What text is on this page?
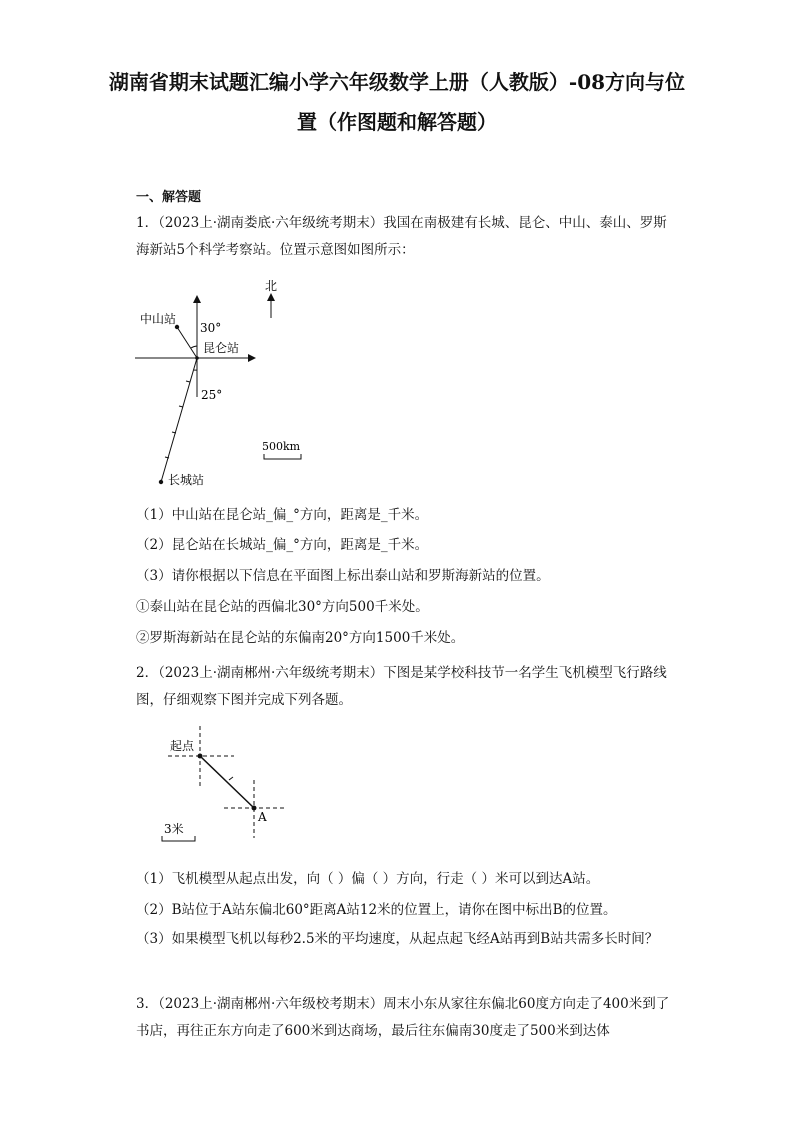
湖南省期末试题汇编小学六年级数学上册（人教版）-08方向与位置（作图题和解答题）
一、解答题
1．（2023上·湖南娄底·六年级统考期末）我国在南极建有长城、昆仑、中山、泰山、罗斯海新站5个科学考察站。位置示意图如图所示：
中山站
30°
昆仑站
25°
长城站
北
500km
（1）中山站在昆仑站_偏_°方向，距离是_千米。
（2）昆仑站在长城站_偏_°方向，距离是_千米。
（3）请你根据以下信息在平面图上标出泰山站和罗斯海新站的位置。
①泰山站在昆仑站的西偏北30°方向500千米处。
②罗斯海新站在昆仑站的东偏南20°方向1500千米处。
2．（2023上·湖南郴州·六年级统考期末）下图是某学校科技节一名学生飞机模型飞行路线图，仔细观察下图并完成下列各题。
起点
A
3米
（1）飞机模型从起点出发，向（ ）偏（ ）方向，行走（ ）米可以到达A站。
（2）B站位于A站东偏北60°距离A站12米的位置上，请你在图中标出B的位置。
（3）如果模型飞机以每秒2.5米的平均速度，从起点起飞经A站再到B站共需多长时间？
3．（2023上·湖南郴州·六年级校考期末）周末小东从家往东偏北60度方向走了400米到了书店，再往正东方向走了600米到达商场，最后往东偏南30度走了500米到达体
